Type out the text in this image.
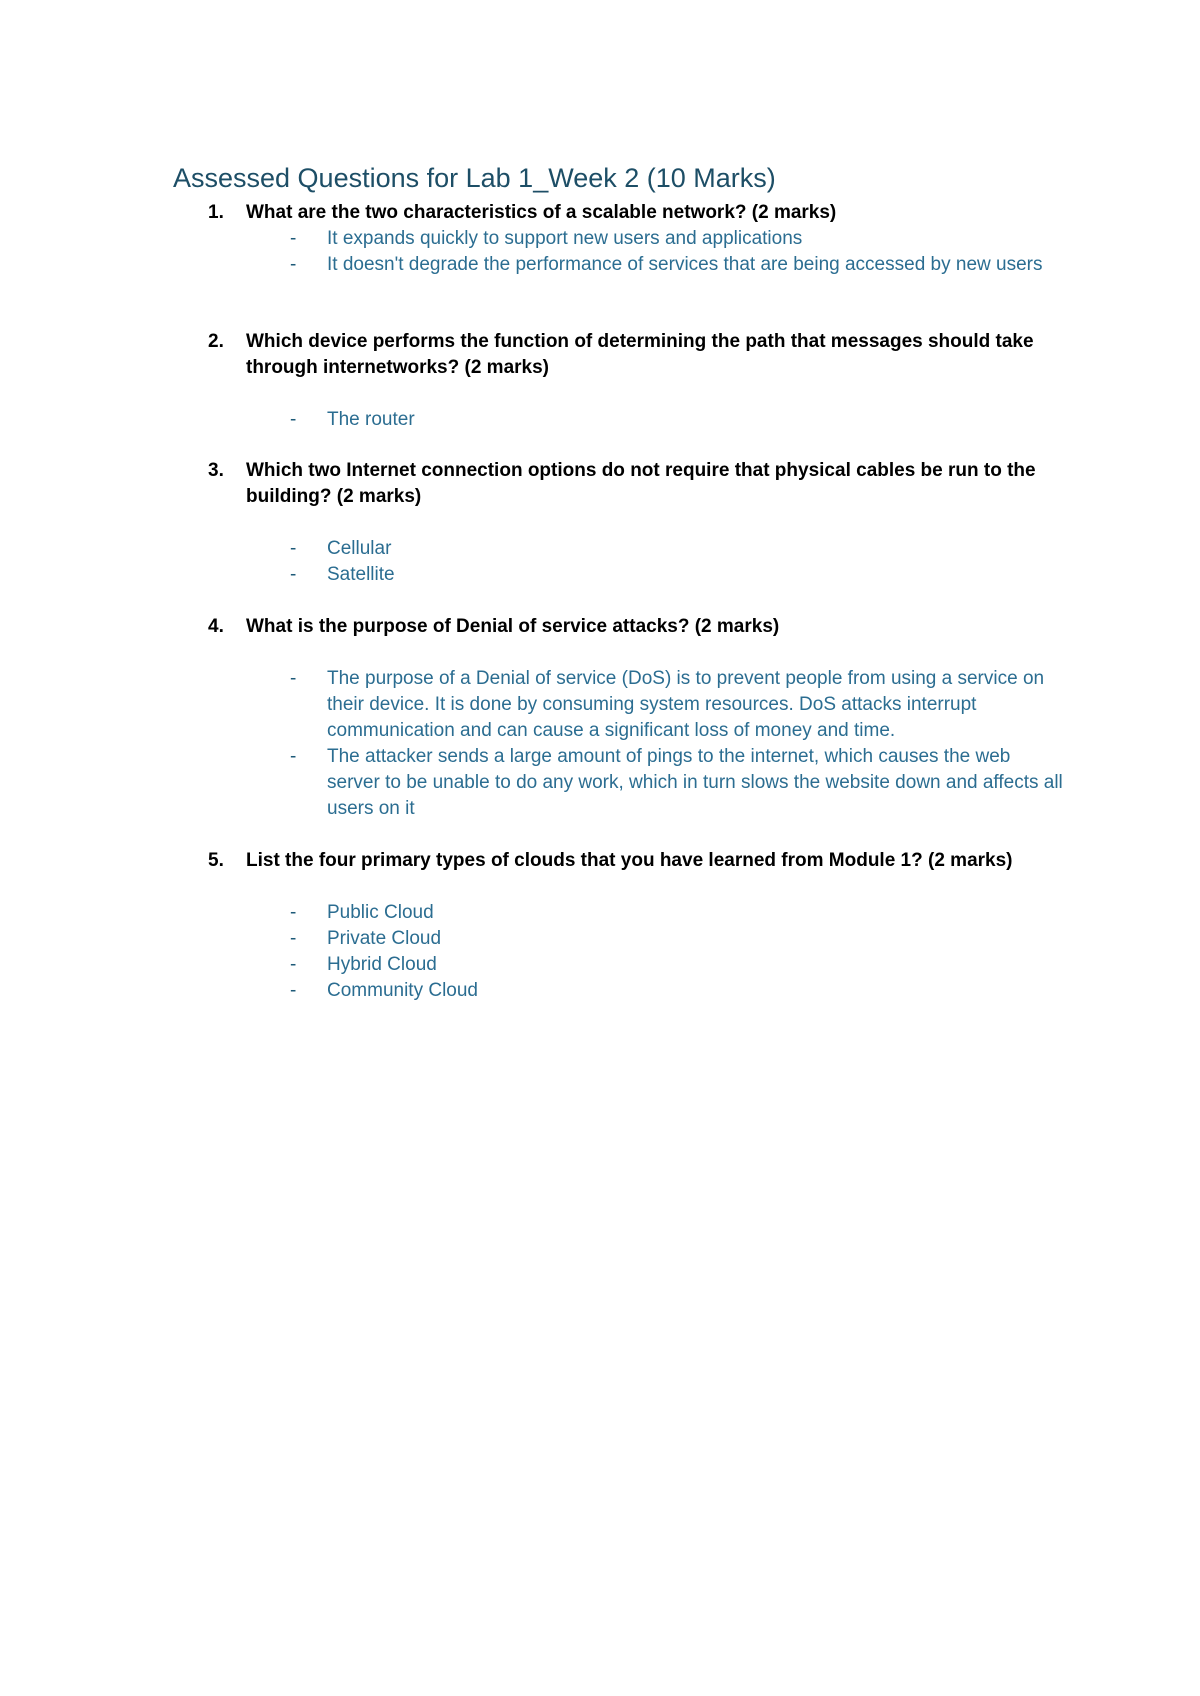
Assessed Questions for Lab 1_Week 2 (10 Marks)
1. What are the two characteristics of a scalable network? (2 marks)
- It expands quickly to support new users and applications
- It doesn't degrade the performance of services that are being accessed by new users
2. Which device performs the function of determining the path that messages should take through internetworks? (2 marks)
- The router
3. Which two Internet connection options do not require that physical cables be run to the building? (2 marks)
- Cellular
- Satellite
4. What is the purpose of Denial of service attacks? (2 marks)
- The purpose of a Denial of service (DoS) is to prevent people from using a service on their device. It is done by consuming system resources. DoS attacks interrupt communication and can cause a significant loss of money and time.
- The attacker sends a large amount of pings to the internet, which causes the web server to be unable to do any work, which in turn slows the website down and affects all users on it
5. List the four primary types of clouds that you have learned from Module 1? (2 marks)
- Public Cloud
- Private Cloud
- Hybrid Cloud
- Community Cloud
